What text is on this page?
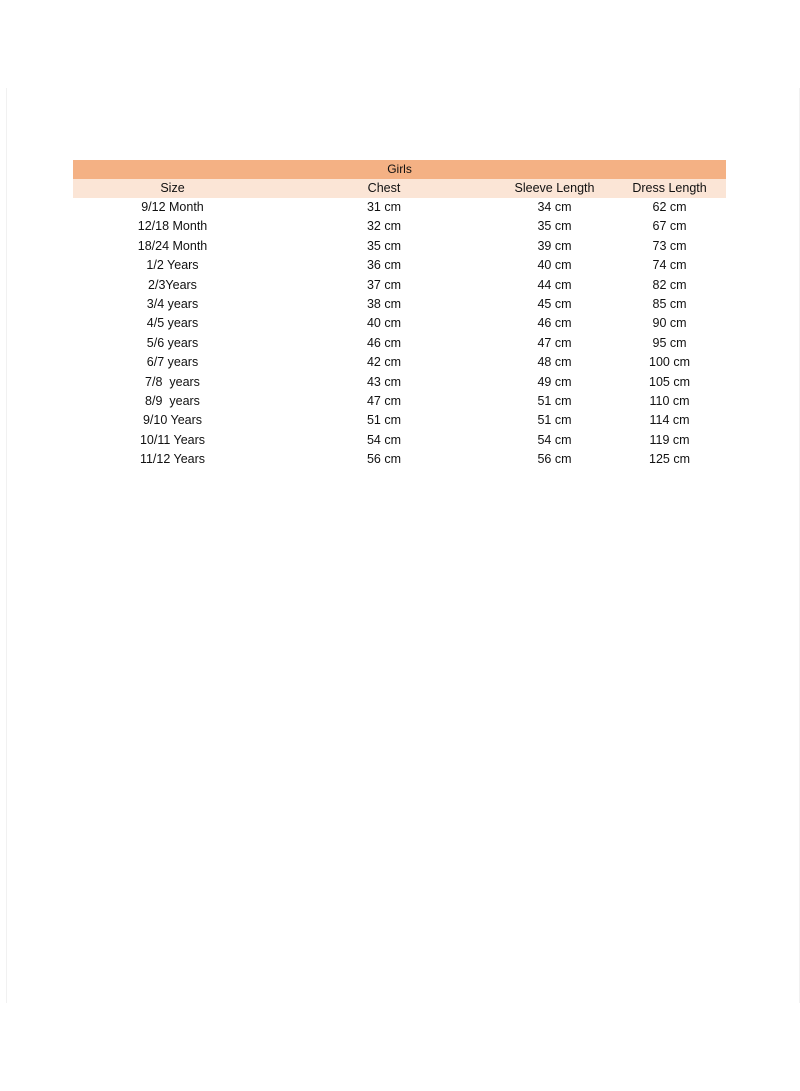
Girls			
Size	Chest	Sleeve Length	Dress Length
9/12 Month	31 cm	34 cm	62 cm
12/18 Month	32 cm	35 cm	67 cm
18/24 Month	35 cm	39 cm	73 cm
1/2 Years	36 cm	40 cm	74 cm
2/3Years	37 cm	44 cm	82 cm
3/4 years	38 cm	45 cm	85 cm
4/5 years	40 cm	46 cm	90 cm
5/6 years	46 cm	47 cm	95 cm
6/7 years	42 cm	48 cm	100 cm
7/8  years	43 cm	49 cm	105 cm
8/9  years	47 cm	51 cm	110 cm
9/10 Years	51 cm	51 cm	114 cm
10/11 Years	54 cm	54 cm	119 cm
11/12 Years	56 cm	56 cm	125 cm
